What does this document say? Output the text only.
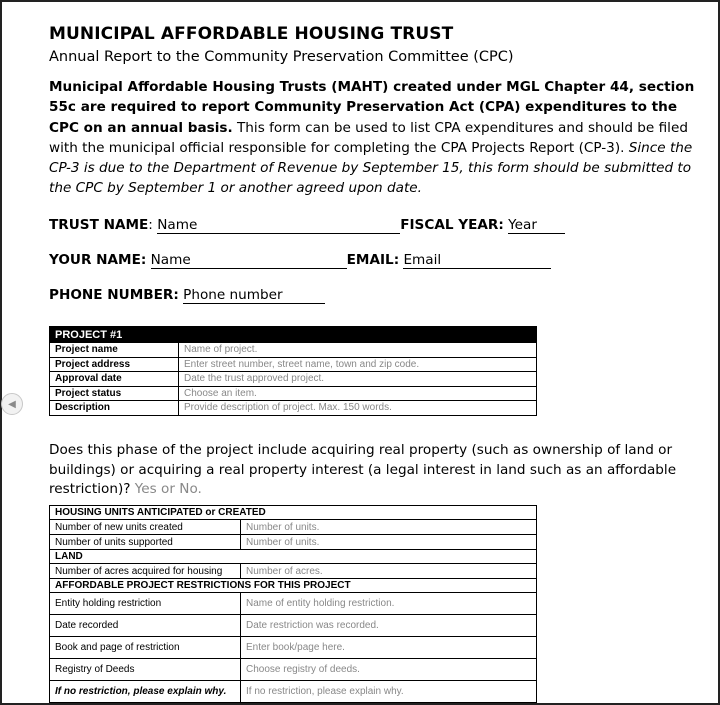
◀
MUNICIPAL AFFORDABLE HOUSING TRUST
Annual Report to the Community Preservation Committee (CPC)
Municipal Affordable Housing Trusts (MAHT) created under MGL Chapter 44, section 55c are required to report Community Preservation Act (CPA) expenditures to the CPC on an annual basis. This form can be used to list CPA expenditures and should be filed with the municipal official responsible for completing the CPA Projects Report (CP-3). Since the CP-3 is due to the Department of Revenue by September 15, this form should be submitted to the CPC by September 1 or another agreed upon date.
TRUST NAME: Name	FISCAL YEAR: Year
YOUR NAME: Name	EMAIL: Email
PHONE NUMBER: Phone number
PROJECT #1	
Project name	Name of project.
Project address	Enter street number, street name, town and zip code.
Approval date	Date the trust approved project.
Project status	Choose an item.
Description	Provide description of project. Max. 150 words.
Does this phase of the project include acquiring real property (such as ownership of land or buildings) or acquiring a real property interest (a legal interest in land such as an affordable restriction)? Yes or No.
HOUSING UNITS ANTICIPATED or CREATED	
Number of new units created	Number of units.
Number of units supported	Number of units.
LAND	
Number of acres acquired for housing	Number of acres.
AFFORDABLE PROJECT RESTRICTIONS FOR THIS PROJECT	
Entity holding restriction	Name of entity holding restriction.
Date recorded	Date restriction was recorded.
Book and page of restriction	Enter book/page here.
Registry of Deeds	Choose registry of deeds.
If no restriction, please explain why.	If no restriction, please explain why.
